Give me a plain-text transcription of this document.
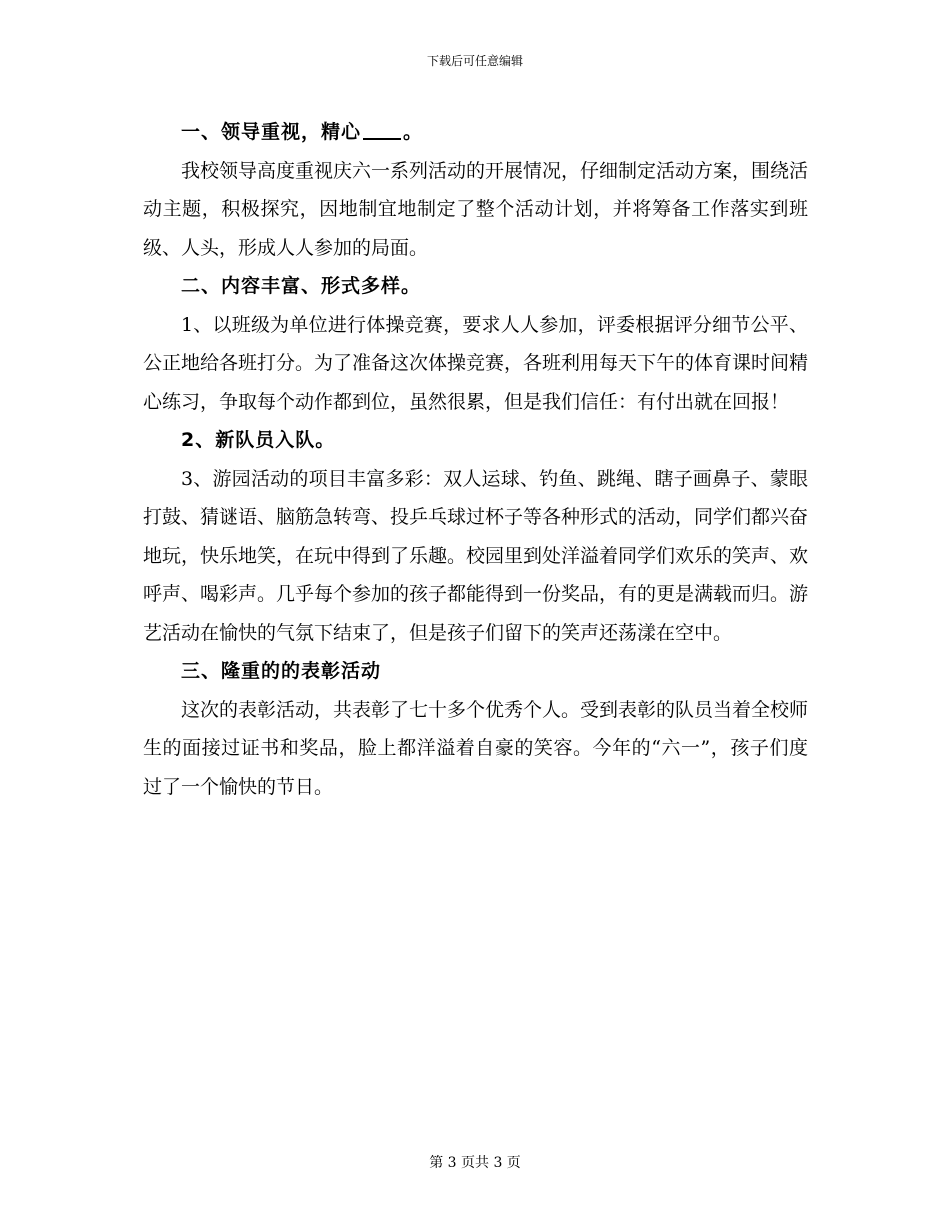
下载后可任意编辑

一、领导重视，精心 。

我校领导高度重视庆六一系列活动的开展情况，仔细制定活动方案，围绕活动主题，积极探究，因地制宜地制定了整个活动计划，并将筹备工作落实到班级、人头，形成人人参加的局面。

二、内容丰富、形式多样。

1、以班级为单位进行体操竞赛，要求人人参加，评委根据评分细节公平、公正地给各班打分。为了准备这次体操竞赛，各班利用每天下午的体育课时间精心练习，争取每个动作都到位，虽然很累，但是我们信任：有付出就在回报！

2、新队员入队。

3、游园活动的项目丰富多彩：双人运球、钓鱼、跳绳、瞎子画鼻子、蒙眼打鼓、猜谜语、脑筋急转弯、投乒乓球过杯子等各种形式的活动，同学们都兴奋地玩，快乐地笑，在玩中得到了乐趣。校园里到处洋溢着同学们欢乐的笑声、欢呼声、喝彩声。几乎每个参加的孩子都能得到一份奖品，有的更是满载而归。游艺活动在愉快的气氛下结束了，但是孩子们留下的笑声还荡漾在空中。

三、隆重的的表彰活动

这次的表彰活动，共表彰了七十多个优秀个人。受到表彰的队员当着全校师生的面接过证书和奖品，脸上都洋溢着自豪的笑容。今年的“六一”，孩子们度过了一个愉快的节日。

第 3 页共 3 页
